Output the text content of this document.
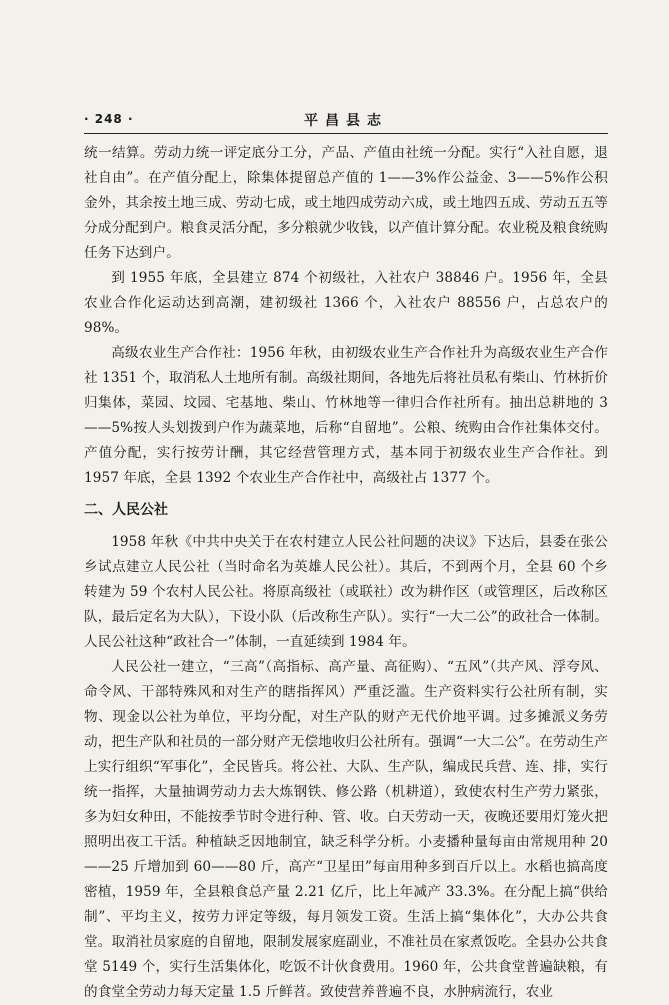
· 248 ·	平昌县志

统一结算。劳动力统一评定底分工分，产品、产值由社统一分配。实行“入社自愿，退社自由”。在产值分配上，除集体提留总产值的 1——3%作公益金、3——5%作公积金外，其余按土地三成、劳动七成，或土地四成劳动六成，或土地四五成、劳动五五等分成分配到户。粮食灵活分配，多分粮就少收钱，以产值计算分配。农业税及粮食统购任务下达到户。

到 1955 年底，全县建立 874 个初级社，入社农户 38846 户。1956 年，全县农业合作化运动达到高潮，建初级社 1366 个，入社农户 88556 户，占总农户的 98%。

高级农业生产合作社：1956 年秋，由初级农业生产合作社升为高级农业生产合作社 1351 个，取消私人土地所有制。高级社期间，各地先后将社员私有柴山、竹林折价归集体，菜园、坟园、宅基地、柴山、竹林地等一律归合作社所有。抽出总耕地的 3——5%按人头划拨到户作为蔬菜地，后称“自留地”。公粮、统购由合作社集体交付。产值分配，实行按劳计酬，其它经营管理方式，基本同于初级农业生产合作社。到 1957 年底，全县 1392 个农业生产合作社中，高级社占 1377 个。

二、人民公社

1958 年秋《中共中央关于在农村建立人民公社问题的决议》下达后，县委在张公乡试点建立人民公社（当时命名为英雄人民公社）。其后，不到两个月，全县 60 个乡转建为 59 个农村人民公社。将原高级社（或联社）改为耕作区（或管理区，后改称区队，最后定名为大队），下设小队（后改称生产队）。实行“一大二公”的政社合一体制。人民公社这种“政社合一”体制，一直延续到 1984 年。

人民公社一建立，“三高”（高指标、高产量、高征购）、“五风”（共产风、浮夸风、命令风、干部特殊风和对生产的瞎指挥风）严重泛滥。生产资料实行公社所有制，实物、现金以公社为单位，平均分配，对生产队的财产无代价地平调。过多摊派义务劳动，把生产队和社员的一部分财产无偿地收归公社所有。强调“一大二公”。在劳动生产上实行组织“军事化”，全民皆兵。将公社、大队、生产队，编成民兵营、连、排，实行统一指挥，大量抽调劳动力去大炼钢铁、修公路（机耕道），致使农村生产劳力紧张，多为妇女种田，不能按季节时令进行种、管、收。白天劳动一天，夜晚还要用灯笼火把照明出夜工干活。种植缺乏因地制宜，缺乏科学分析。小麦播种量每亩由常规用种 20——25 斤增加到 60——80 斤，高产“卫星田”每亩用种多到百斤以上。水稻也搞高度密植，1959 年，全县粮食总产量 2.21 亿斤，比上年减产 33.3%。在分配上搞“供给制”、平均主义，按劳力评定等级，每月领发工资。生活上搞“集体化”，大办公共食堂。取消社员家庭的自留地，限制发展家庭副业，不准社员在家煮饭吃。全县办公共食堂 5149 个，实行生活集体化，吃饭不计伙食费用。1960 年，公共食堂普遍缺粮，有的食堂全劳动力每天定量 1.5 斤鲜苕。致使营养普遍不良，水肿病流行，农业
